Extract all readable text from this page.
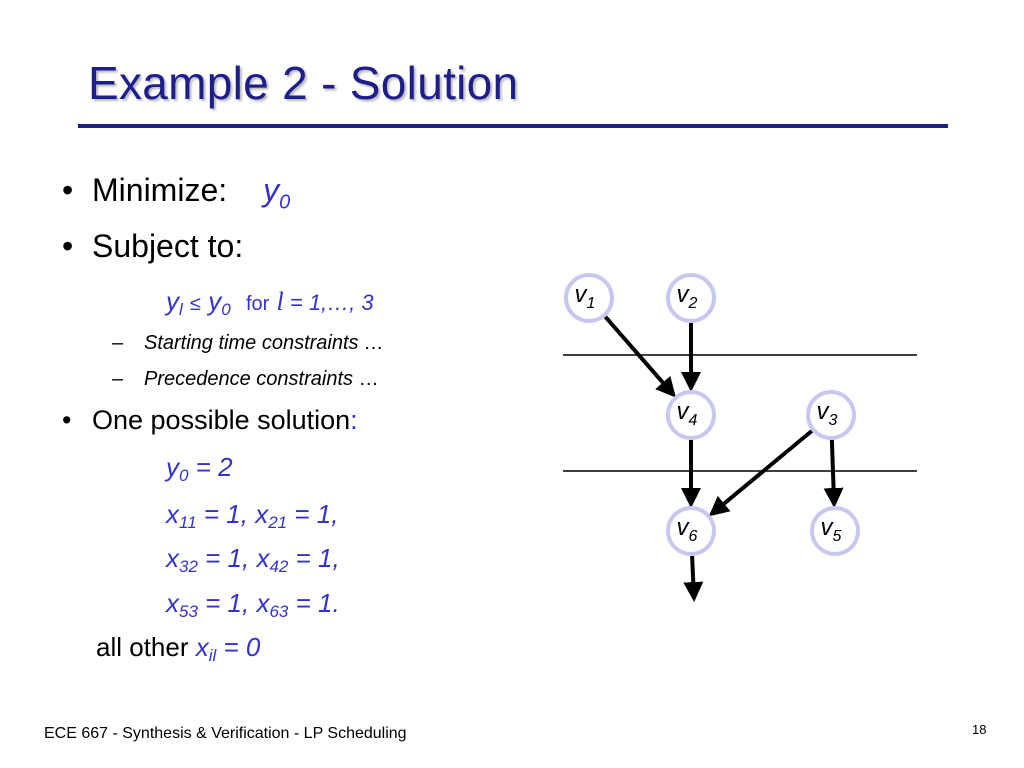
Example 2 - Solution
• Minimize: $y_0$
• Subject to:
$y_l \le y_0$ for l = 1,…, 3
– Starting time constraints …
– Precedence constraints …
• One possible solution:
$y_0 = 2$
$x_{11} = 1$, $x_{21} = 1$,
$x_{32} = 1$, $x_{42} = 1$,
$x_{53} = 1$, $x_{63} = 1$.
all other $x_{il} = 0$
$v_1$	$v_2$
$v_4$	$v_3$
$v_6$	$v_5$
ECE 667 - Synthesis & Verification - LP Scheduling	18
